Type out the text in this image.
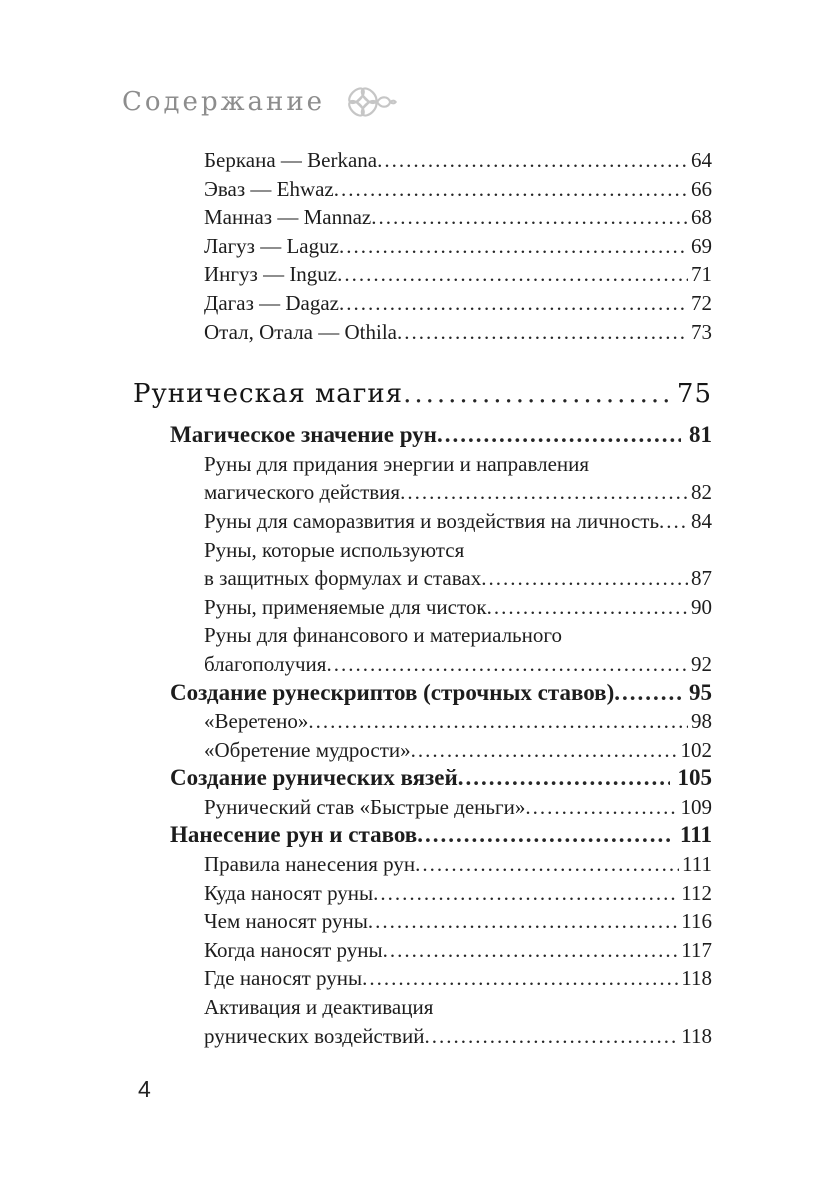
Содержание
Беркана — Berkana .....	64
Эваз — Ehwaz .....	66
Манназ — Mannaz .....	68
Лагуз — Laguz .....	69
Ингуз — Inguz .....	71
Дагаз — Dagaz .....	72
Отал, Отала — Othila .....	73
Руническая магия .....	75
Магическое значение рун .....	81
Руны для придания энергии и направления
магического действия .....	82
Руны для саморазвития и воздействия на личность ..... 84
Руны, которые используются
в защитных формулах и ставах .....	87
Руны, применяемые для чисток .....	90
Руны для финансового и материального
благополучия .....	92
Создание рунескриптов (строчных ставов) .....	95
«Веретено» .....	98
«Обретение мудрости» .....	102
Создание рунических вязей .....	105
Рунический став «Быстрые деньги» .....	109
Нанесение рун и ставов .....	111
Правила нанесения рун .....	111
Куда наносят руны .....	112
Чем наносят руны .....	116
Когда наносят руны .....	117
Где наносят руны .....	118
Активация и деактивация
рунических воздействий .....	118
4
